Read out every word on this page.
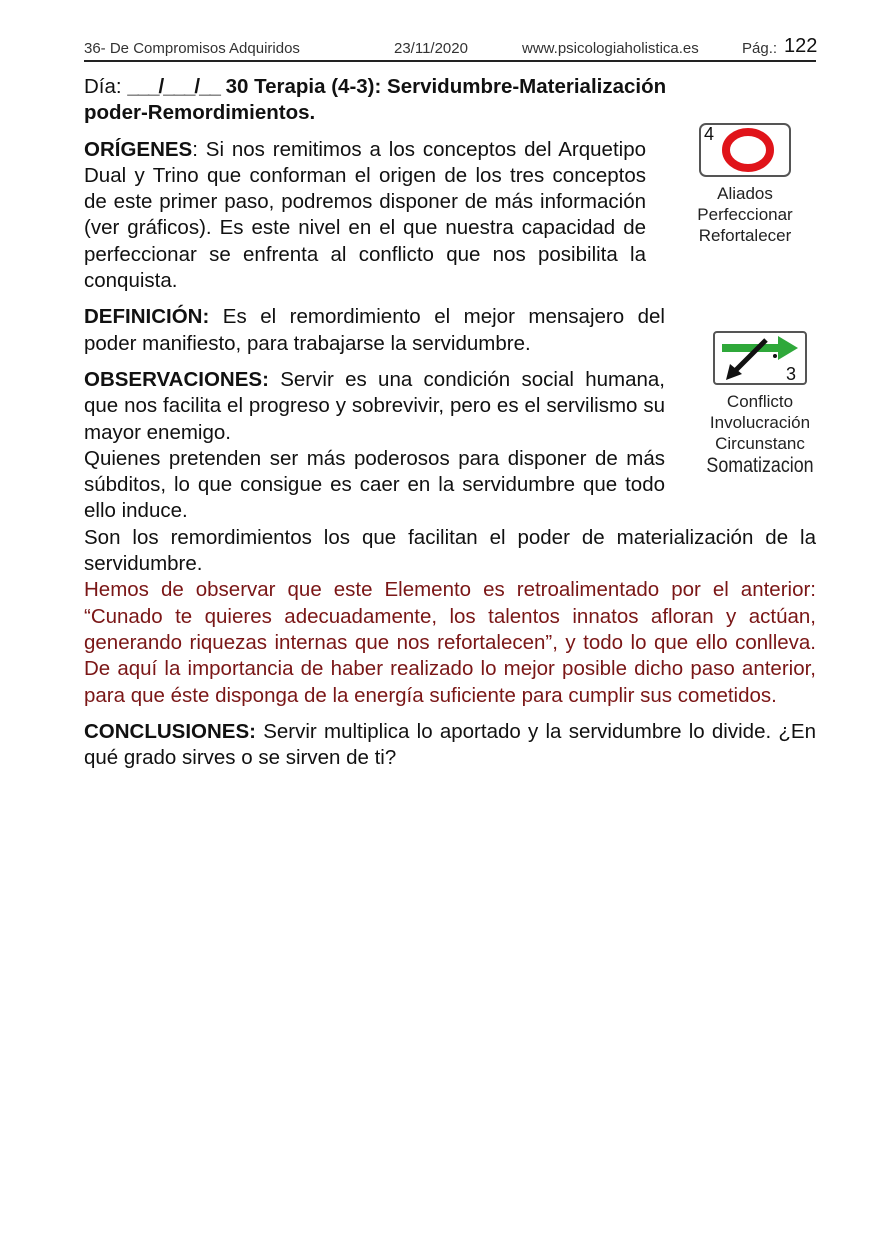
36- De Compromisos Adquiridos	23/11/2020	www.psicologiaholistica.es	Pág.: 122

Día: ___/___/__ 30 Terapia (4-3): Servidumbre-Materialización
poder-Remordimientos.

ORÍGENES: Si nos remitimos a los conceptos del Arquetipo Dual y Trino que conforman el origen de los tres conceptos de este primer paso, podremos disponer de más información (ver gráficos). Es este nivel en el que nuestra capacidad de perfeccionar se enfrenta al conflicto que nos posibilita la conquista.

DEFINICIÓN: Es el remordimiento el mejor mensajero del poder manifiesto, para trabajarse la servidumbre.

OBSERVACIONES: Servir es una condición social humana, que nos facilita el progreso y sobrevivir, pero es el servilismo su mayor enemigo.

Quienes pretenden ser más poderosos para disponer de más súbditos, lo que consigue es caer en la servidumbre que todo ello induce.

Son los remordimientos los que facilitan el poder de materialización de la servidumbre.

Hemos de observar que este Elemento es retroalimentado por el anterior: “Cunado te quieres adecuadamente, los talentos innatos afloran y actúan, generando riquezas internas que nos refortalecen”, y todo lo que ello conlleva. De aquí la importancia de haber realizado lo mejor posible dicho paso anterior, para que éste disponga de la energía suficiente para cumplir sus cometidos.

CONCLUSIONES: Servir multiplica lo aportado y la servidumbre lo divide. ¿En qué grado sirves o se sirven de ti?

4
Aliados
Perfeccionar
Refortalecer
3
Conflicto
Involucración
Circunstanc
Somatizacion
